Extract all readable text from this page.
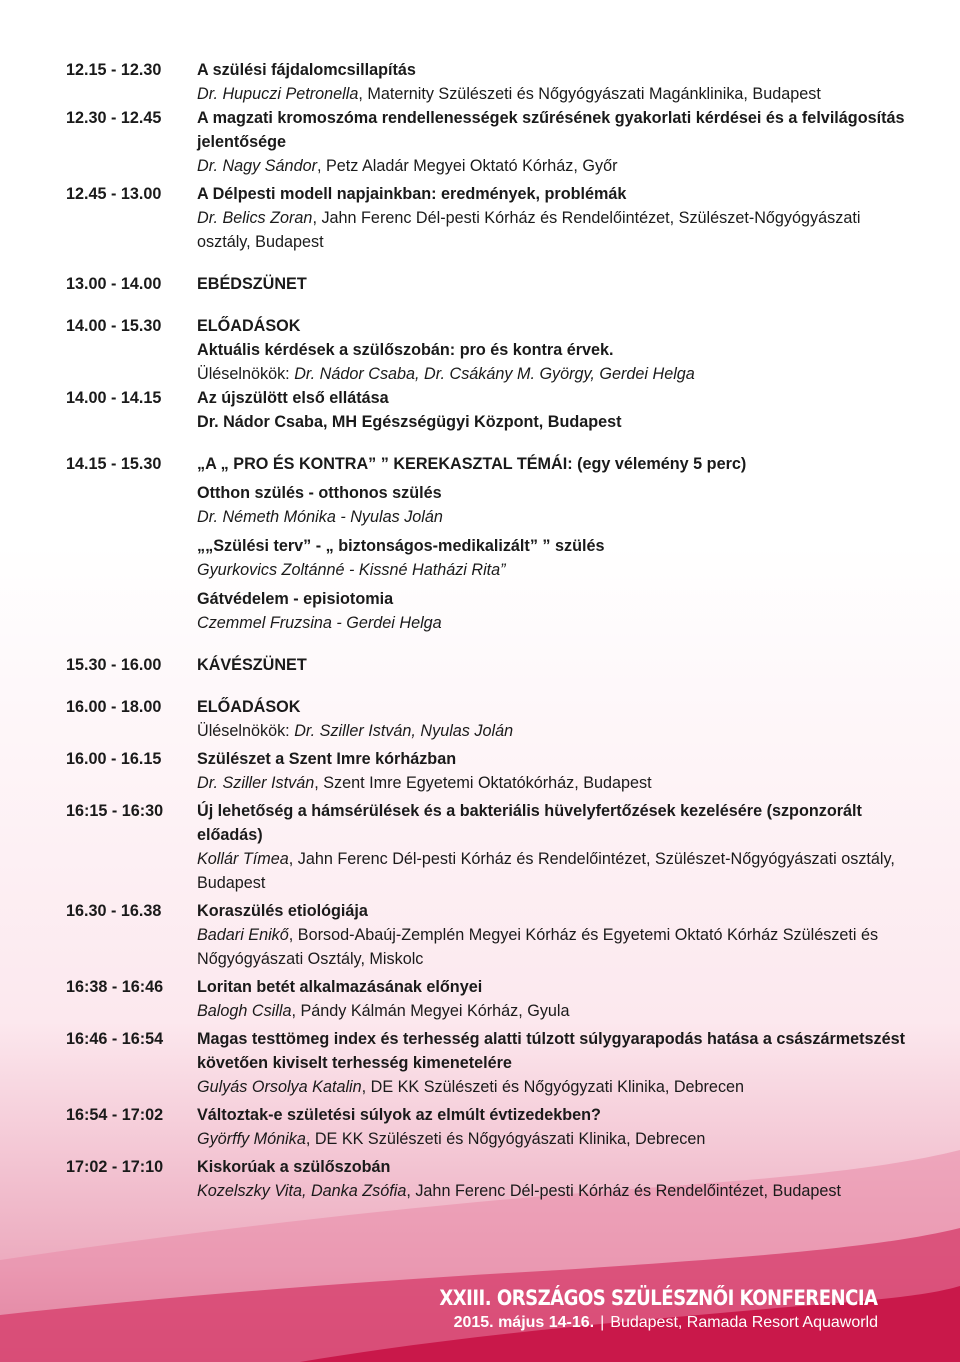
12.15 - 12.30	A szülési fájdalomcsillapítás
Dr. Hupuczi Petronella, Maternity Szülészeti és Nőgyógyászati Magánklinika, Budapest
12.30 - 12.45	A magzati kromoszóma rendellenességek szűrésének gyakorlati kérdései és a felvilágosítás jelentősége
Dr. Nagy Sándor, Petz Aladár Megyei Oktató Kórház, Győr
12.45 - 13.00	A Délpesti modell napjainkban: eredmények, problémák
Dr. Belics Zoran, Jahn Ferenc Dél-pesti Kórház és Rendelőintézet, Szülészet-Nőgyógyászati osztály, Budapest
13.00 - 14.00	EBÉDSZÜNET
14.00 - 15.30	ELŐADÁSOK
Aktuális kérdések a szülőszobán: pro és kontra érvek.
Üléselnökök: Dr. Nádor Csaba, Dr. Csákány M. György, Gerdei Helga
14.00 - 14.15	Az újszülött első ellátása
Dr. Nádor Csaba, MH Egészségügyi Központ, Budapest
14.15 - 15.30	„A „ PRO ÉS KONTRA” ” KEREKASZTAL TÉMÁI: (egy vélemény 5 perc)
Otthon szülés - otthonos szülés
Dr. Németh Mónika - Nyulas Jolán
„„Szülési terv” - „ biztonságos-medikalizált” ” szülés
Gyurkovics Zoltánné - Kissné Hatházi Rita”
Gátvédelem - episiotomia
Czemmel Fruzsina - Gerdei Helga
15.30 - 16.00	KÁVÉSZÜNET
16.00 - 18.00	ELŐADÁSOK
Üléselnökök: Dr. Sziller István, Nyulas Jolán
16.00 - 16.15	Szülészet a Szent Imre kórházban
Dr. Sziller István, Szent Imre Egyetemi Oktatókórház, Budapest
16:15 - 16:30	Új lehetőség a hámsérülések és a bakteriális hüvelyfertőzések kezelésére (szponzorált előadás)
Kollár Tímea, Jahn Ferenc Dél-pesti Kórház és Rendelőintézet, Szülészet-Nőgyógyászati osztály, Budapest
16.30 - 16.38	Koraszülés etiológiája
Badari Enikő, Borsod-Abaúj-Zemplén Megyei Kórház és Egyetemi Oktató Kórház Szülészeti és Nőgyógyászati Osztály, Miskolc
16:38 - 16:46	Loritan betét alkalmazásának előnyei
Balogh Csilla, Pándy Kálmán Megyei Kórház, Gyula
16:46 - 16:54	Magas testtömeg index és terhesség alatti túlzott súlygyarapodás hatása a császármetszést követően kiviselt terhesség kimenetelére
Gulyás Orsolya Katalin, DE KK Szülészeti és Nőgyógyzati Klinika, Debrecen
16:54 - 17:02	Változtak-e születési súlyok az elmúlt évtizedekben?
Györffy Mónika, DE KK Szülészeti és Nőgyógyászati Klinika, Debrecen
17:02 - 17:10	Kiskorúak a szülőszobán
Kozelszky Vita, Danka Zsófia, Jahn Ferenc Dél-pesti Kórház és Rendelőintézet, Budapest
XXIII. ORSZÁGOS SZÜLÉSZNŐI KONFERENCIA
2015. május 14-16. | Budapest, Ramada Resort Aquaworld
